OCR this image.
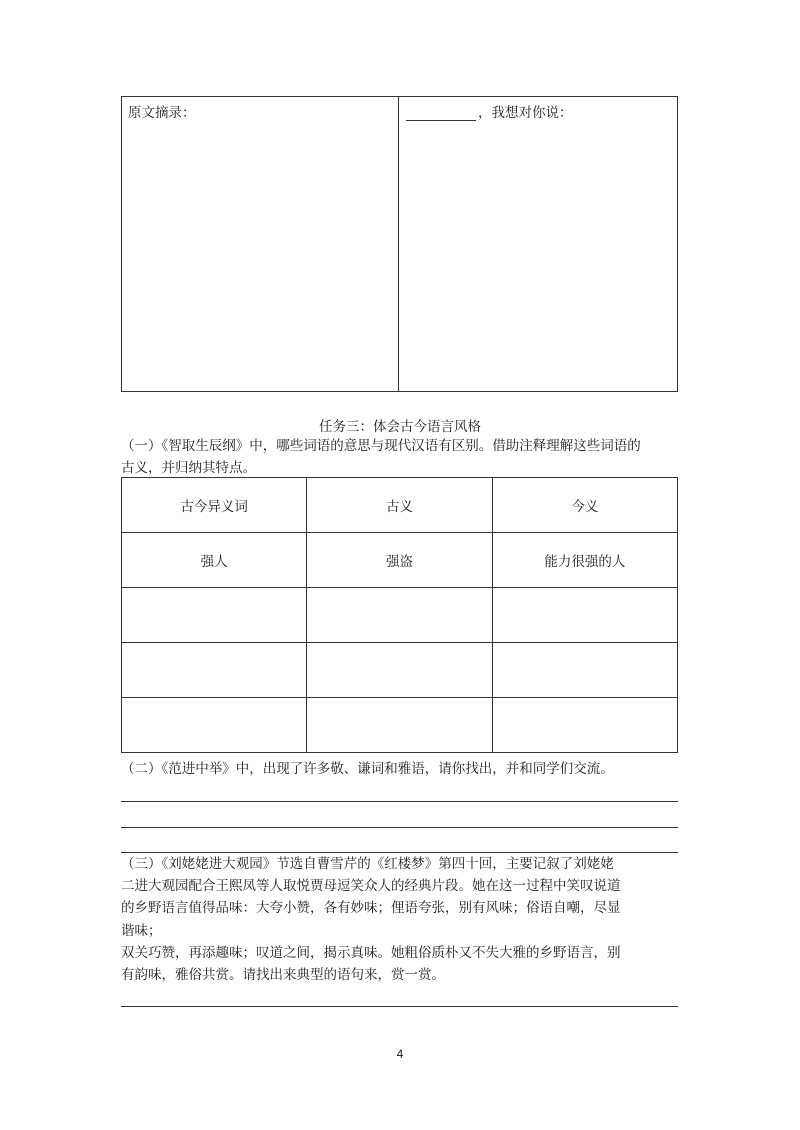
原文摘录：	，我想对你说：
任务三：体会古今语言风格
（一）《智取生辰纲》中，哪些词语的意思与现代汉语有区别。借助注释理解这些词语的
古义，并归纳其特点。
古今异义词	古义	今义
强人	强盗	能力很强的人

（二）《范进中举》中，出现了许多敬、谦词和雅语，请你找出，并和同学们交流。
（三）《刘姥姥进大观园》节选自曹雪芹的《红楼梦》第四十回，主要记叙了刘姥姥
二进大观园配合王熙凤等人取悦贾母逗笑众人的经典片段。她在这一过程中笑叹说道
的乡野语言值得品味：大夸小赞，各有妙味；俚语夸张，别有风味；俗语自嘲，尽显
谐味；
双关巧赞，再添趣味；叹道之间，揭示真味。她粗俗质朴又不失大雅的乡野语言，别
有韵味，雅俗共赏。请找出来典型的语句来，赏一赏。
4
